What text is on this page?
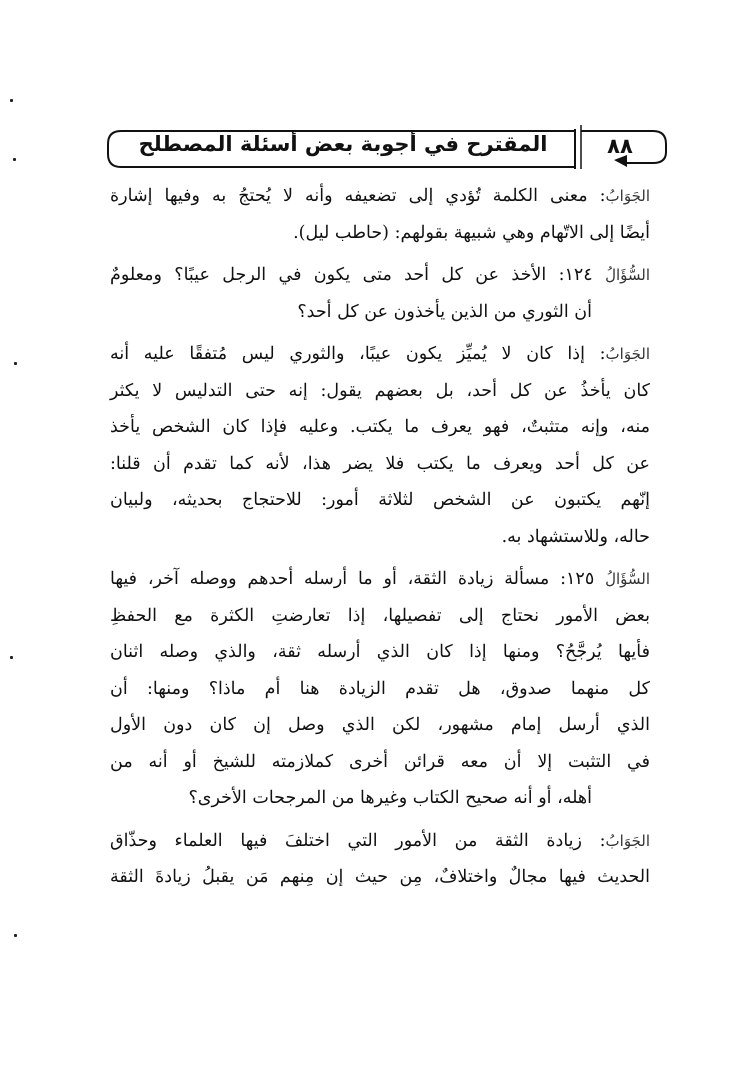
المقترح في أجوبة بعض أسئلة المصطلح	٨٨
الجَوَابُ: معنى الكلمة تُؤدي إلى تضعيفه وأنه لا يُحتجُ به وفيها إشارة
أيضًا إلى الاتّهام وهي شبيهة بقولهم: (حاطب ليل).
السُّؤَالُ ١٢٤: الأخذ عن كل أحد متى يكون في الرجل عيبًا؟ ومعلومٌ
أن الثوري من الذين يأخذون عن كل أحد؟
الجَوَابُ: إذا كان لا يُميِّز يكون عيبًا، والثوري ليس مُتفقًا عليه أنه
كان يأخذُ عن كل أحد، بل بعضهم يقول: إنه حتى التدليس لا يكثر
منه، وإنه متثبتٌ، فهو يعرف ما يكتب. وعليه فإذا كان الشخص يأخذ
عن كل أحد ويعرف ما يكتب فلا يضر هذا، لأنه كما تقدم أن قلنا:
إنّهم يكتبون عن الشخص لثلاثة أمور: للاحتجاج بحديثه، ولبيان
حاله، وللاستشهاد به.
السُّؤَالُ ١٢٥: مسألة زيادة الثقة، أو ما أرسله أحدهم ووصله آخر، فيها
بعض الأمور نحتاج إلى تفصيلها، إذا تعارضتِ الكثرة مع الحفظِ
فأيها يُرجَّحُ؟ ومنها إذا كان الذي أرسله ثقة، والذي وصله اثنان
كل منهما صدوق، هل تقدم الزيادة هنا أم ماذا؟ ومنها: أن
الذي أرسل إمام مشهور، لكن الذي وصل إن كان دون الأول
في التثبت إلا أن معه قرائن أخرى كملازمته للشيخ أو أنه من
أهله، أو أنه صحيح الكتاب وغيرها من المرجحات الأخرى؟
الجَوَابُ: زيادة الثقة من الأمور التي اختلفَ فيها العلماء وحذّاق
الحديث فيها مجالٌ واختلافٌ، مِن حيث إن مِنهم مَن يقبلُ زيادةَ الثقة
